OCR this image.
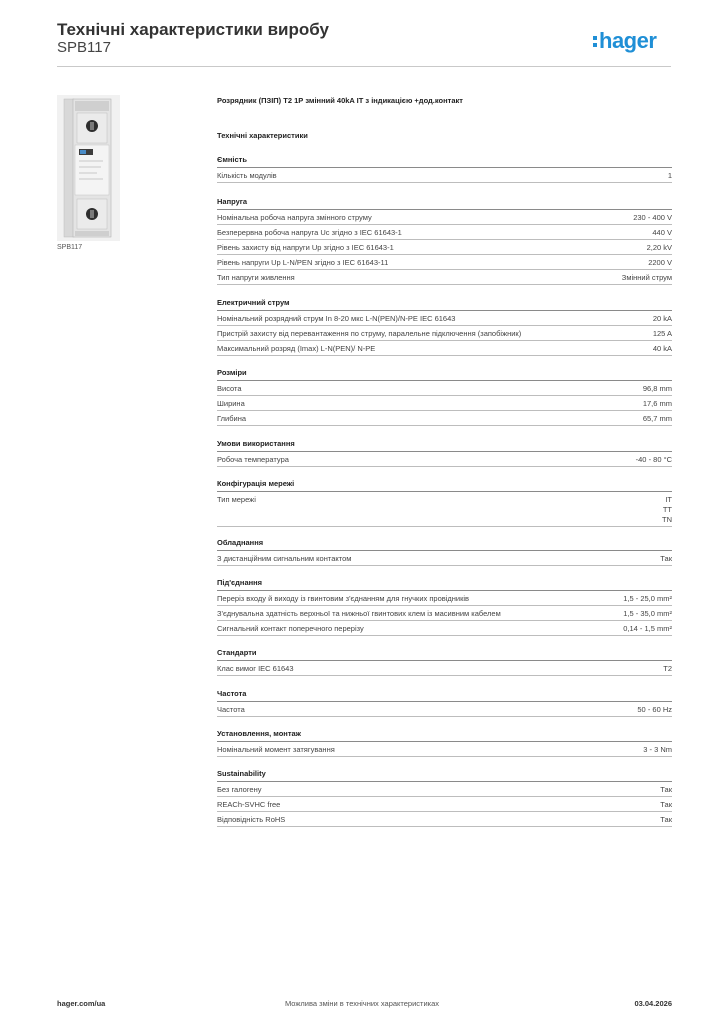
Технічні характеристики виробу
SPB117	hager
SPB117
Розрядник (ПЗІП) Т2 1Р змінний 40kA IT з індикацією +дод.контакт
Технічні характеристики
Ємність
Кількість модулів	1
Напруга
Номінальна робоча напруга змінного струму	230 - 400 V
Безперервна робоча напруга Uc згідно з IEC 61643-1	440 V
Рівень захисту від напруги Up згідно з IEC 61643-1	2,20 kV
Рівень напруги Up L-N/PEN згідно з IEC 61643-11	2200 V
Тип напруги живлення	Змінний струм
Електричний струм
Номінальний розрядний струм In 8-20 мкс L-N(PEN)/N-PE IEC 61643	20 kA
Пристрій захисту від перевантаження по струму, паралельне підключення (запобіжник)	125 A
Максимальний розряд (Imax) L-N(PEN)/ N-PE	40 kA
Розміри
Висота	96,8 mm
Ширина	17,6 mm
Глибина	65,7 mm
Умови використання
Робоча температура	-40 - 80 °C
Конфігурація мережі
Тип мережі	IT
TT
TN
Обладнання
З дистанційним сигнальним контактом	Так
Під'єднання
Переріз входу й виходу із гвинтовим з'єднанням для гнучких провідників	1,5 - 25,0 mm²
З'єднувальна здатність верхньої та нижньої гвинтових клем із масивним кабелем	1,5 - 35,0 mm²
Сигнальний контакт поперечного перерізу	0,14 - 1,5 mm²
Стандарти
Клас вимог IEC 61643	T2
Частота
Частота	50 - 60 Hz
Установлення, монтаж
Номінальний момент затягування	3 - 3 Nm
Sustainability
Без галогену	Так
REACh-SVHC free	Так
Відповідність RoHS	Так
Можлива зміни в технічних характеристиках
hager.com/ua	03.04.2026
